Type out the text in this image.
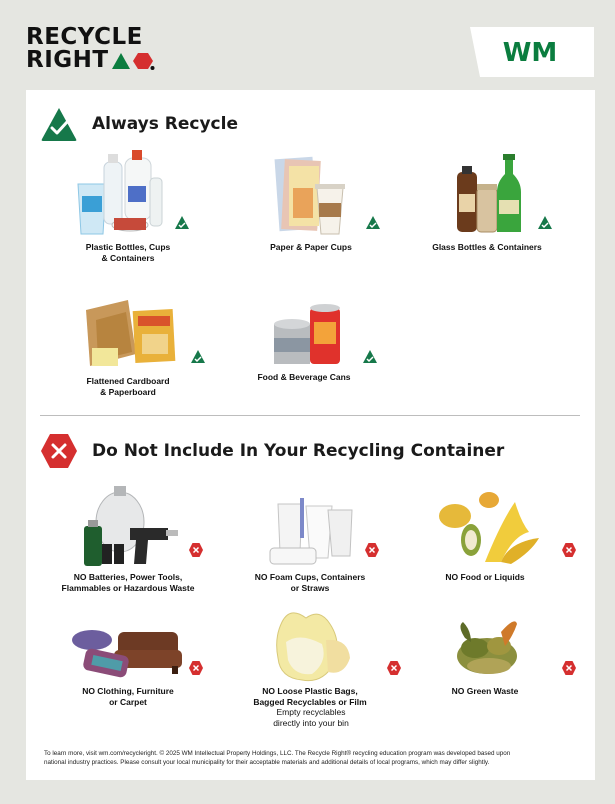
RECYCLE
RIGHT	WM
Always Recycle
Plastic Bottles, Cups
& Containers
Paper & Paper Cups	Glass Bottles & Containers
Flattened Cardboard
& Paperboard
Food & Beverage Cans
Do Not Include In Your Recycling Container
NO Batteries, Power Tools,
Flammables or Hazardous Waste
NO Foam Cups, Containers
or Straws
NO Food or Liquids
NO Clothing, Furniture
or Carpet
NO Loose Plastic Bags,
Bagged Recyclables or Film
NO Green Waste
Empty recyclables
directly into your bin
To learn more, visit wm.com/recycleright. © 2025 WM Intellectual Property Holdings, LLC. The Recycle Right® recycling education program was developed based upon
national industry practices. Please consult your local municipality for their acceptable materials and additional details of local programs, which may differ slightly.
